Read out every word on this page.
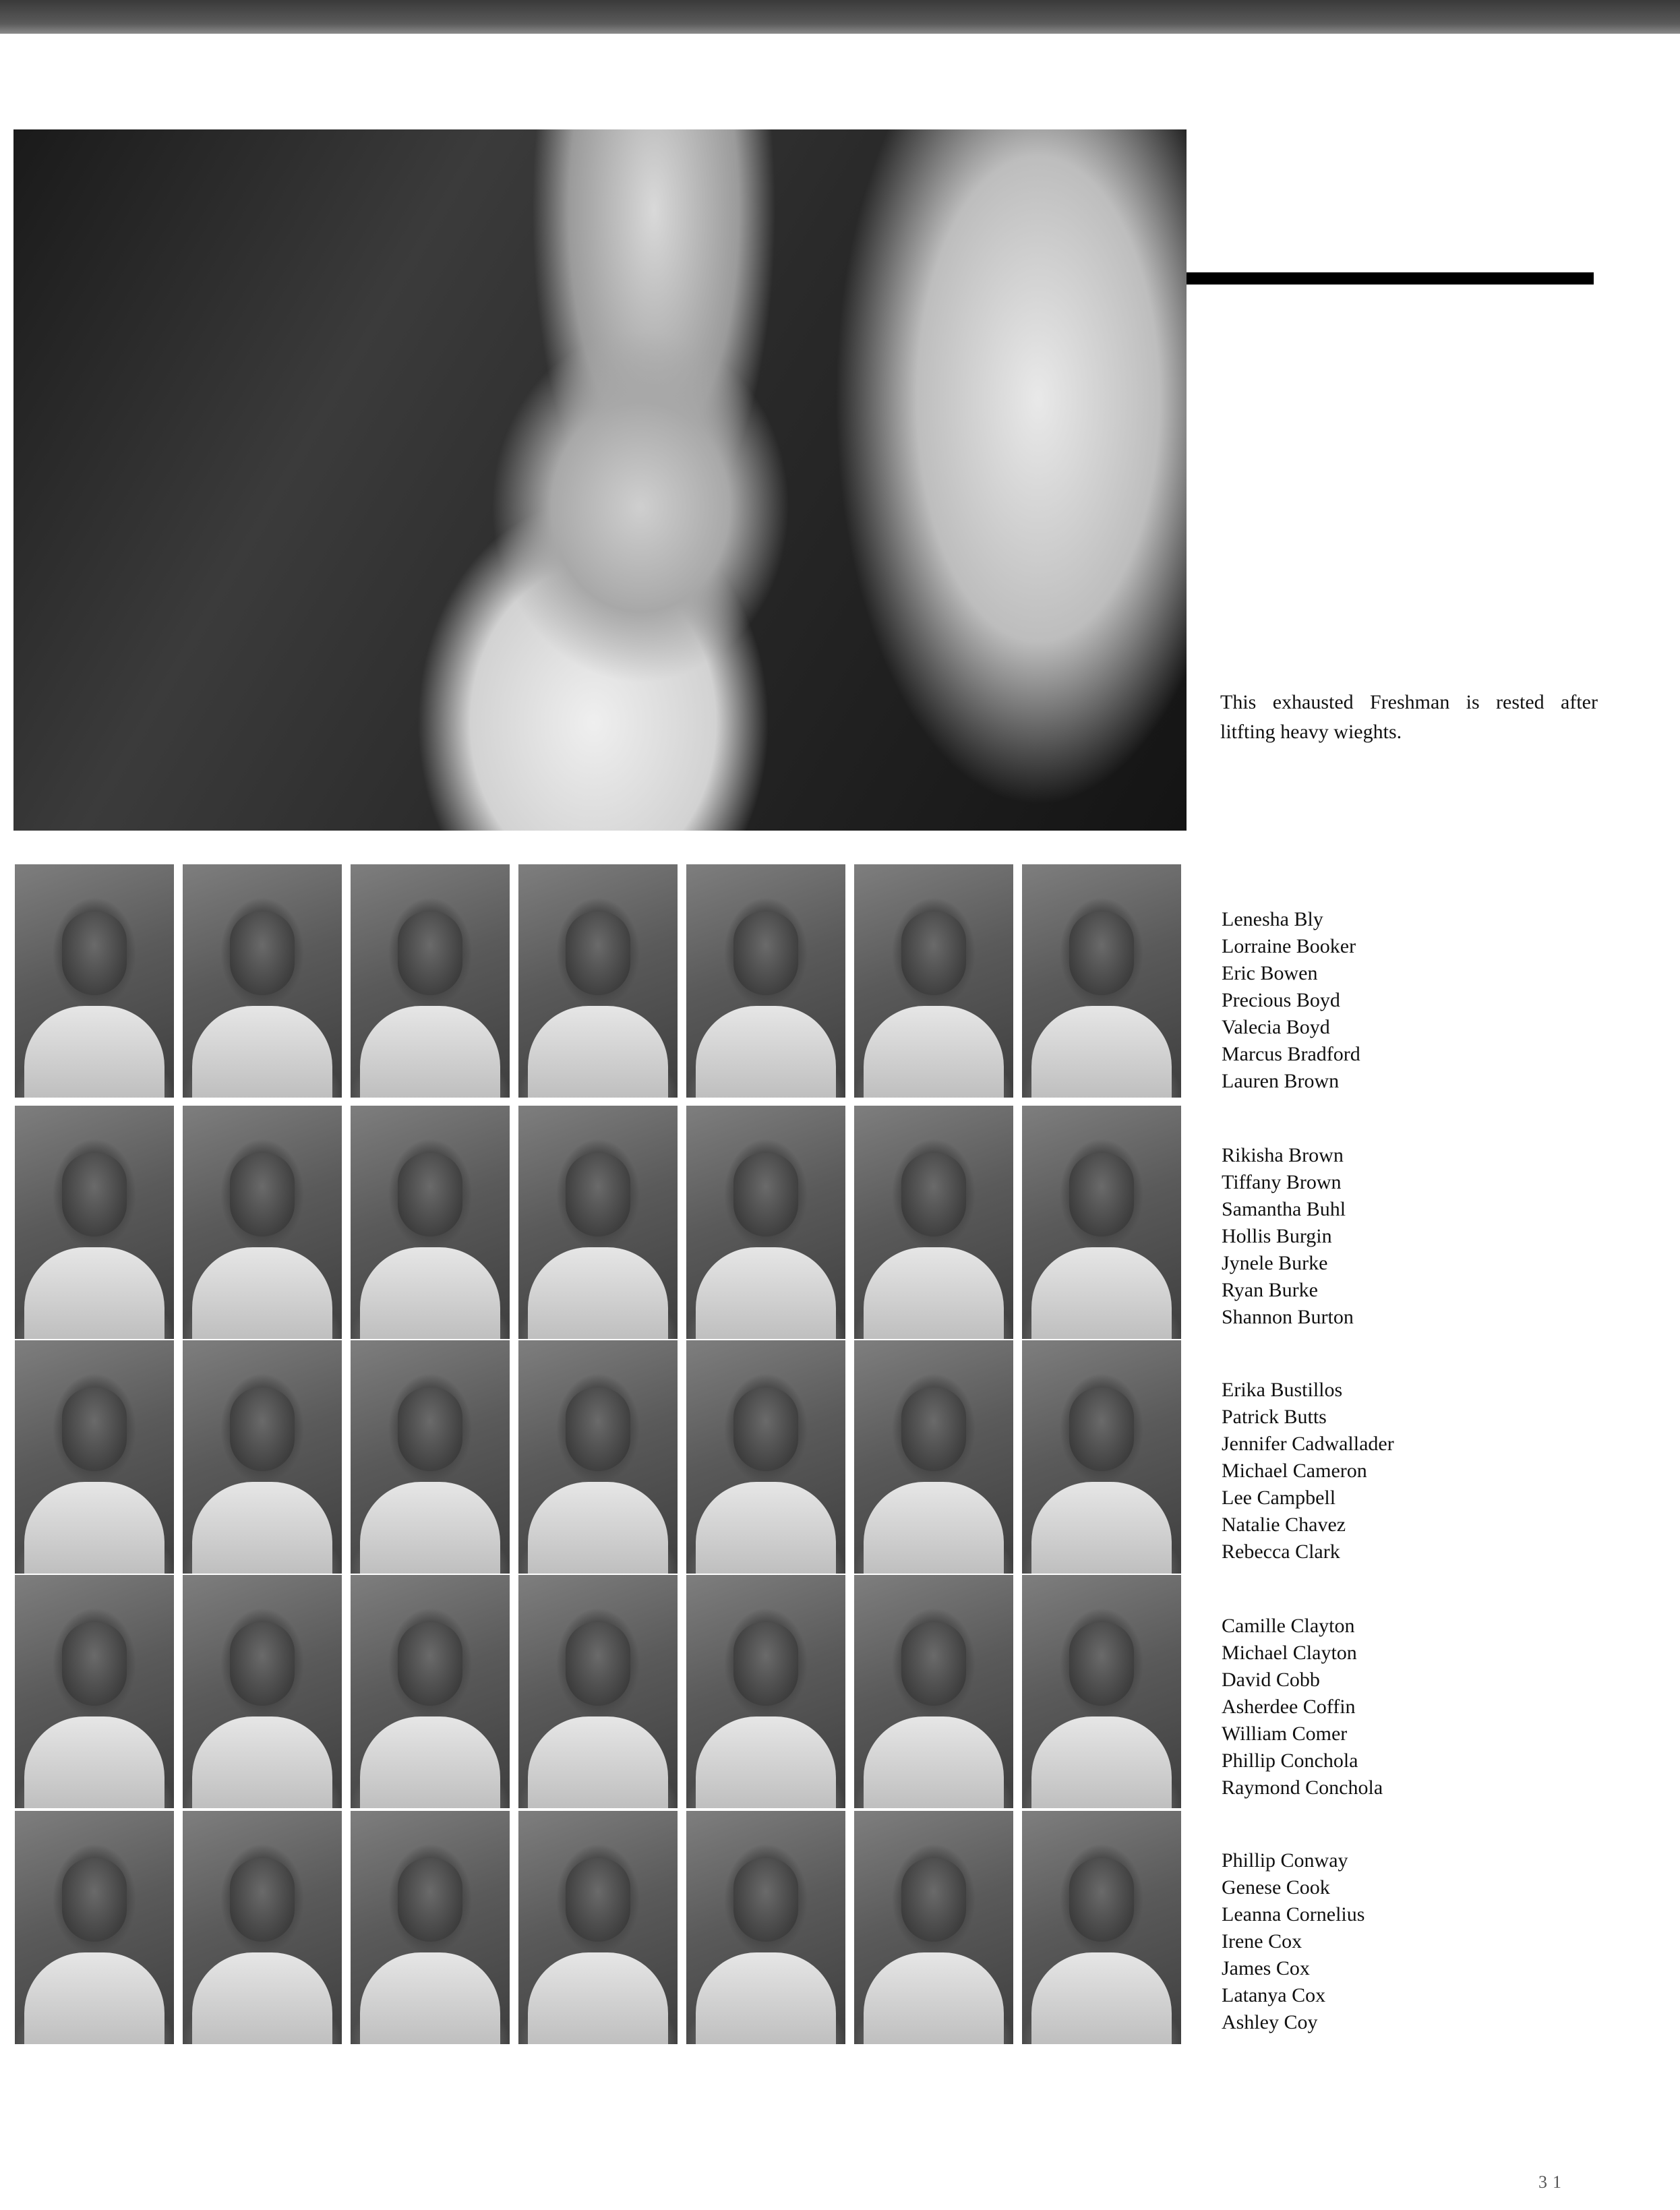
This exhausted Freshman is rested after litfting heavy wieghts.
Lenesha Bly
Lorraine Booker
Eric Bowen
Precious Boyd
Valecia Boyd
Marcus Bradford
Lauren Brown
Rikisha Brown
Tiffany Brown
Samantha Buhl
Hollis Burgin
Jynele Burke
Ryan Burke
Shannon Burton
Erika Bustillos
Patrick Butts
Jennifer Cadwallader
Michael Cameron
Lee Campbell
Natalie Chavez
Rebecca Clark
Camille Clayton
Michael Clayton
David Cobb
Asherdee Coffin
William Comer
Phillip Conchola
Raymond Conchola
Phillip Conway
Genese Cook
Leanna Cornelius
Irene Cox
James Cox
Latanya Cox
Ashley Coy
31
